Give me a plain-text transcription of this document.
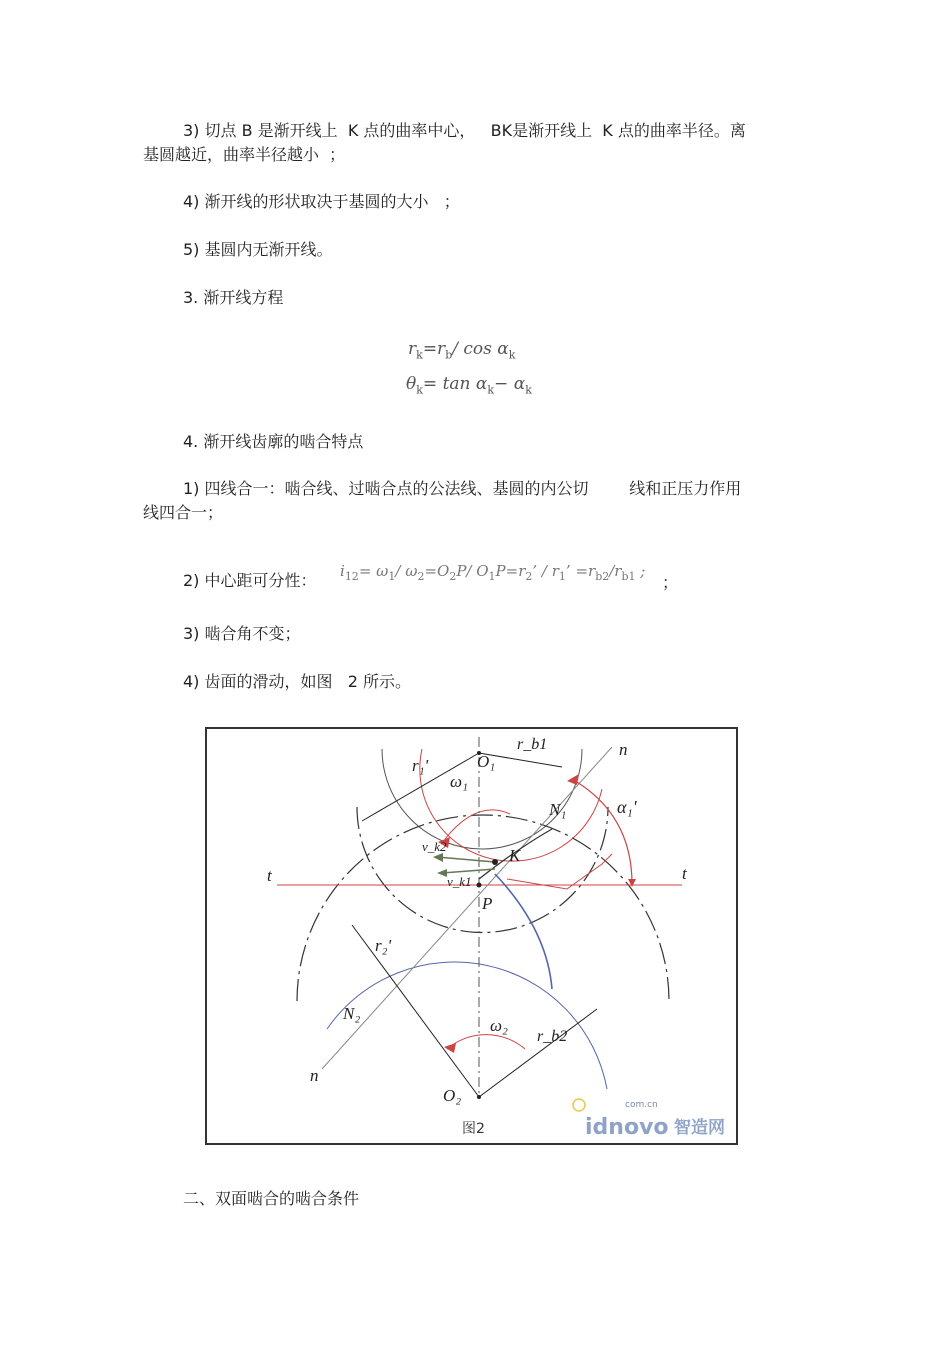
3) 切点 B 是渐开线上  K 点的曲率中心，   BK是渐开线上  K 点的曲率半径。离
基圆越近，曲率半径越小  ；
4) 渐开线的形状取决于基圆的大小   ；
5) 基圆内无渐开线。
3. 渐开线方程
$r_k=r_b/$ $\cos \alpha_k$
$\theta_k= \tan \alpha_k- \alpha_k$
4. 渐开线齿廓的啮合特点
1) 四线合一：啮合线、过啮合点的公法线、基圆的内公切        线和正压力作用
线四合一；
2) 中心距可分性： $i_{12}= \omega_1/$ $\omega_2=O_2P/$ $O_1P=r_2$’ / $r_1$’ $=r_{b2}/r_{b1}$ ;
；
3) 啮合角不变；
4) 齿面的滑动，如图   2 所示。
O₁
O₂
r_b1
r_b2
r₁'
r₂'
ω₁
ω₂
N₁
N₂
α₁'
K
P
t	t
n
n
v_k2
v_k1
图2
com.cn
idnovo 智造网
二、双面啮合的啮合条件
